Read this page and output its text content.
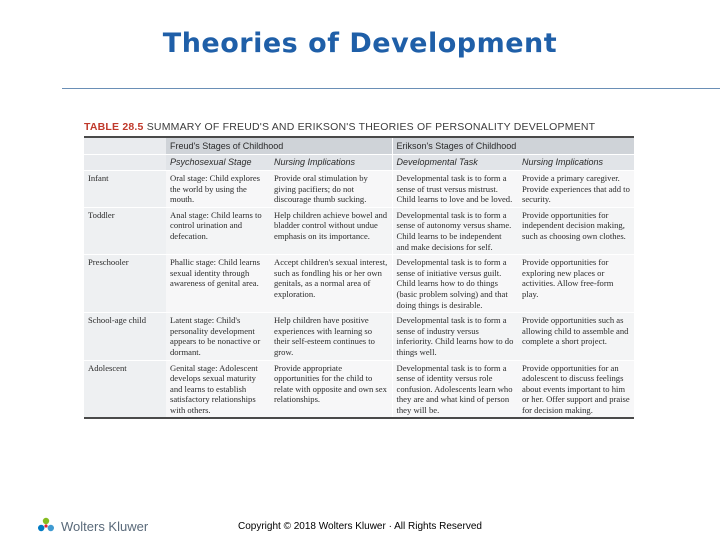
Theories of Development
TABLE 28.5 SUMMARY OF FREUD'S AND ERIKSON'S THEORIES OF PERSONALITY DEVELOPMENT

	Freud's Stages of Childhood		Erikson's Stages of Childhood	
	Psychosexual Stage	Nursing Implications	Developmental Task	Nursing Implications
Infant	Oral stage: Child explores the world by using the mouth.	Provide oral stimulation by giving pacifiers; do not discourage thumb sucking.	Developmental task is to form a sense of trust versus mistrust. Child learns to love and be loved.	Provide a primary caregiver. Provide experiences that add to security.
Toddler	Anal stage: Child learns to control urination and defecation.	Help children achieve bowel and bladder control without undue emphasis on its importance.	Developmental task is to form a sense of autonomy versus shame. Child learns to be independent and make decisions for self.	Provide opportunities for independent decision making, such as choosing own clothes.
Preschooler	Phallic stage: Child learns sexual identity through awareness of genital area.	Accept children's sexual interest, such as fondling his or her own genitals, as a normal area of exploration.	Developmental task is to form a sense of initiative versus guilt. Child learns how to do things (basic problem solving) and that doing things is desirable.	Provide opportunities for exploring new places or activities. Allow free-form play.
School-age child	Latent stage: Child's personality development appears to be nonactive or dormant.	Help children have positive experiences with learning so their self-esteem continues to grow.	Developmental task is to form a sense of industry versus inferiority. Child learns how to do things well.	Provide opportunities such as allowing child to assemble and complete a short project.
Adolescent	Genital stage: Adolescent develops sexual maturity and learns to establish satisfactory relationships with others.	Provide appropriate opportunities for the child to relate with opposite and own sex relationships.	Developmental task is to form a sense of identity versus role confusion. Adolescents learn who they are and what kind of person they will be.	Provide opportunities for an adolescent to discuss feelings about events important to him or her. Offer support and praise for decision making.

Wolters Kluwer	Copyright © 2018 Wolters Kluwer · All Rights Reserved
